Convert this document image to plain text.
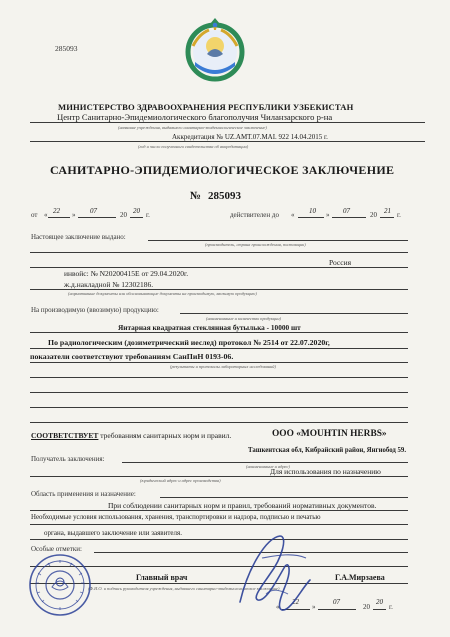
285093
МИНИСТЕРСТВО ЗДРАВООХРАНЕНИЯ РЕСПУБЛИКИ УЗБЕКИСТАН
Центр Санитарно-Эпидемиологического благополучия Чиланзарского р-на
(название учреждения, выдавшего санитарно-эпидемиологическое заключение)
Аккредитация № UZ.AMT.07.MAI. 922 14.04.2015 г.
(год и число полученного свидетельства об аккредитации)
САНИТАРНО-ЭПИДЕМИОЛОГИЧЕСКОЕ ЗАКЛЮЧЕНИЕ
№ 285093
от « 22 » 07	20 20 г.	действителен до « 10 » 07	20 21 г.
Настоящее заключение выдано:
(производитель, страна происхождения, поставщик)
Россия
инвойс: № N20200415E от 29.04.2020г.
ж.д.накладной № 12302186.
(нормативные документы или обосновывающие документы на производимую, ввозимую продукцию)
На производимую (ввозимую) продукцию:
(наименование и количество продукции)
Янтарная квадратная стеклянная бутылька - 10000 шт
По радиологическим (дозиметрический иеслед) протокол № 2514 от 22.07.2020г,
показатели соответствуют требованиям СанПиН 0193-06.
(результаты и протоколы лабораторных исследований)
СООТВЕТСТВУЕТ требованиям санитарных норм и правил.	ООО «MOUHTIN HERBS»
Ташкентская обл, Кибрайский район, Янгиобод 59.
Получатель заключения:
(наименование и адрес)
(юридический адрес и адрес производства)
Для использования по назначению
Область применения и назначение:
При соблюдении санитарных норм и правил, требований нормативных документов.
Необходимые условия использования, хранения, транспортировки и надзора, подписью и печатью
органа, выдавшего заключение или заявителя.
Особые отметки:
Главный врач	Г.А.Мирзаева
(Ф.И.О. и подпись руководителя учреждения, выдавшего санитарно-эпидемиологическое заключение)
«
22
»
07
20
20
г.
